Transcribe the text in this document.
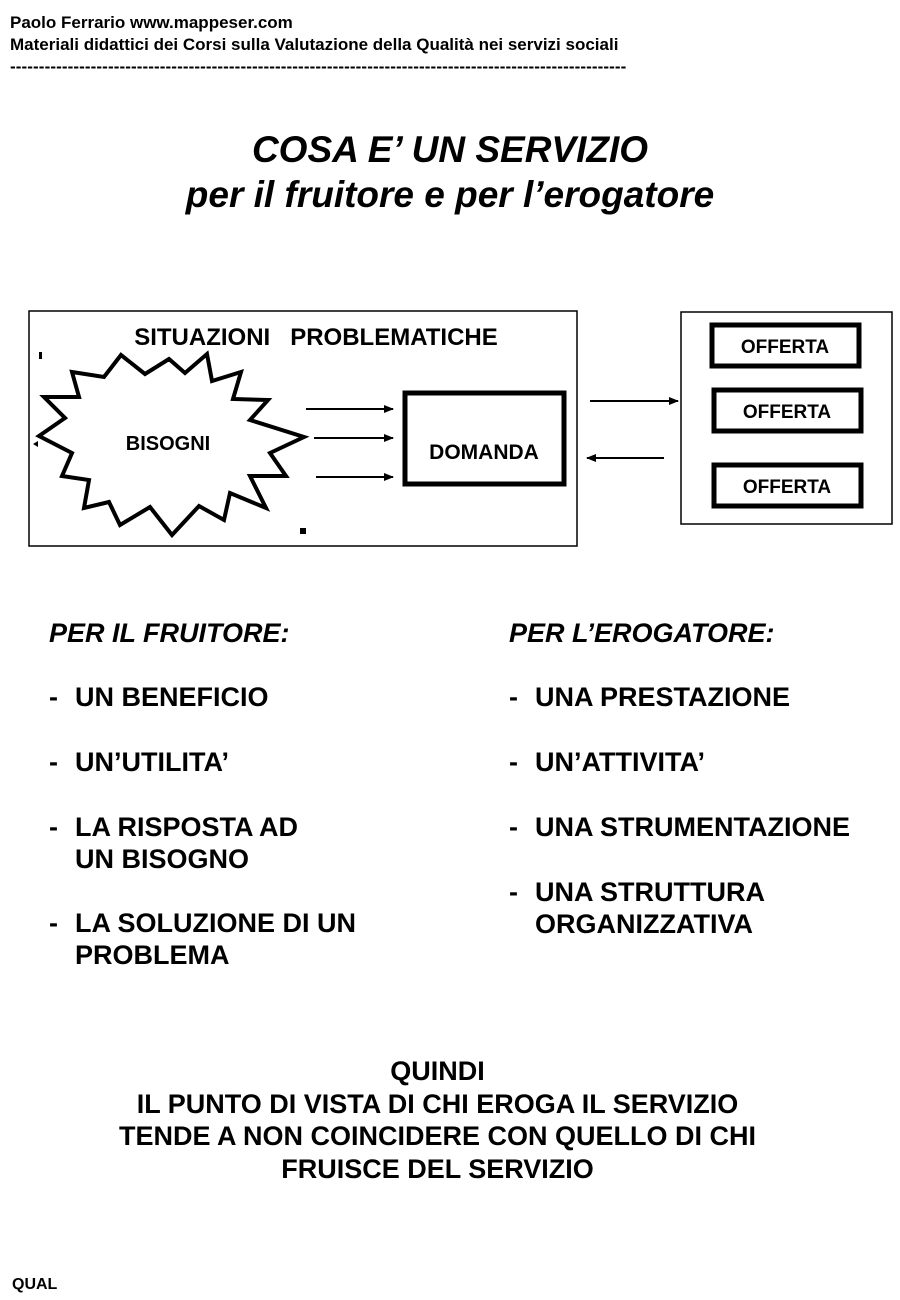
Paolo Ferrario www.mappeser.com
Materiali didattici dei Corsi sulla Valutazione della Qualità nei servizi sociali
-----------------------------------------------------------------------------------------------------------
COSA E’ UN SERVIZIO
per il fruitore e per l’erogatore
SITUAZIONI   PROBLEMATICHE
BISOGNI	DOMANDA
OFFERTA
OFFERTA
OFFERTA
PER IL FRUITORE:
- UN BENEFICIO
- UN’UTILITA’
- LA RISPOSTA AD
UN BISOGNO
- LA SOLUZIONE DI UN
PROBLEMA
PER L’EROGATORE:
- UNA PRESTAZIONE
- UN’ATTIVITA’
- UNA STRUMENTAZIONE
- UNA STRUTTURA
ORGANIZZATIVA
QUINDI
IL PUNTO DI VISTA DI CHI EROGA IL SERVIZIO
TENDE A NON COINCIDERE CON QUELLO DI CHI
FRUISCE DEL SERVIZIO
QUAL
